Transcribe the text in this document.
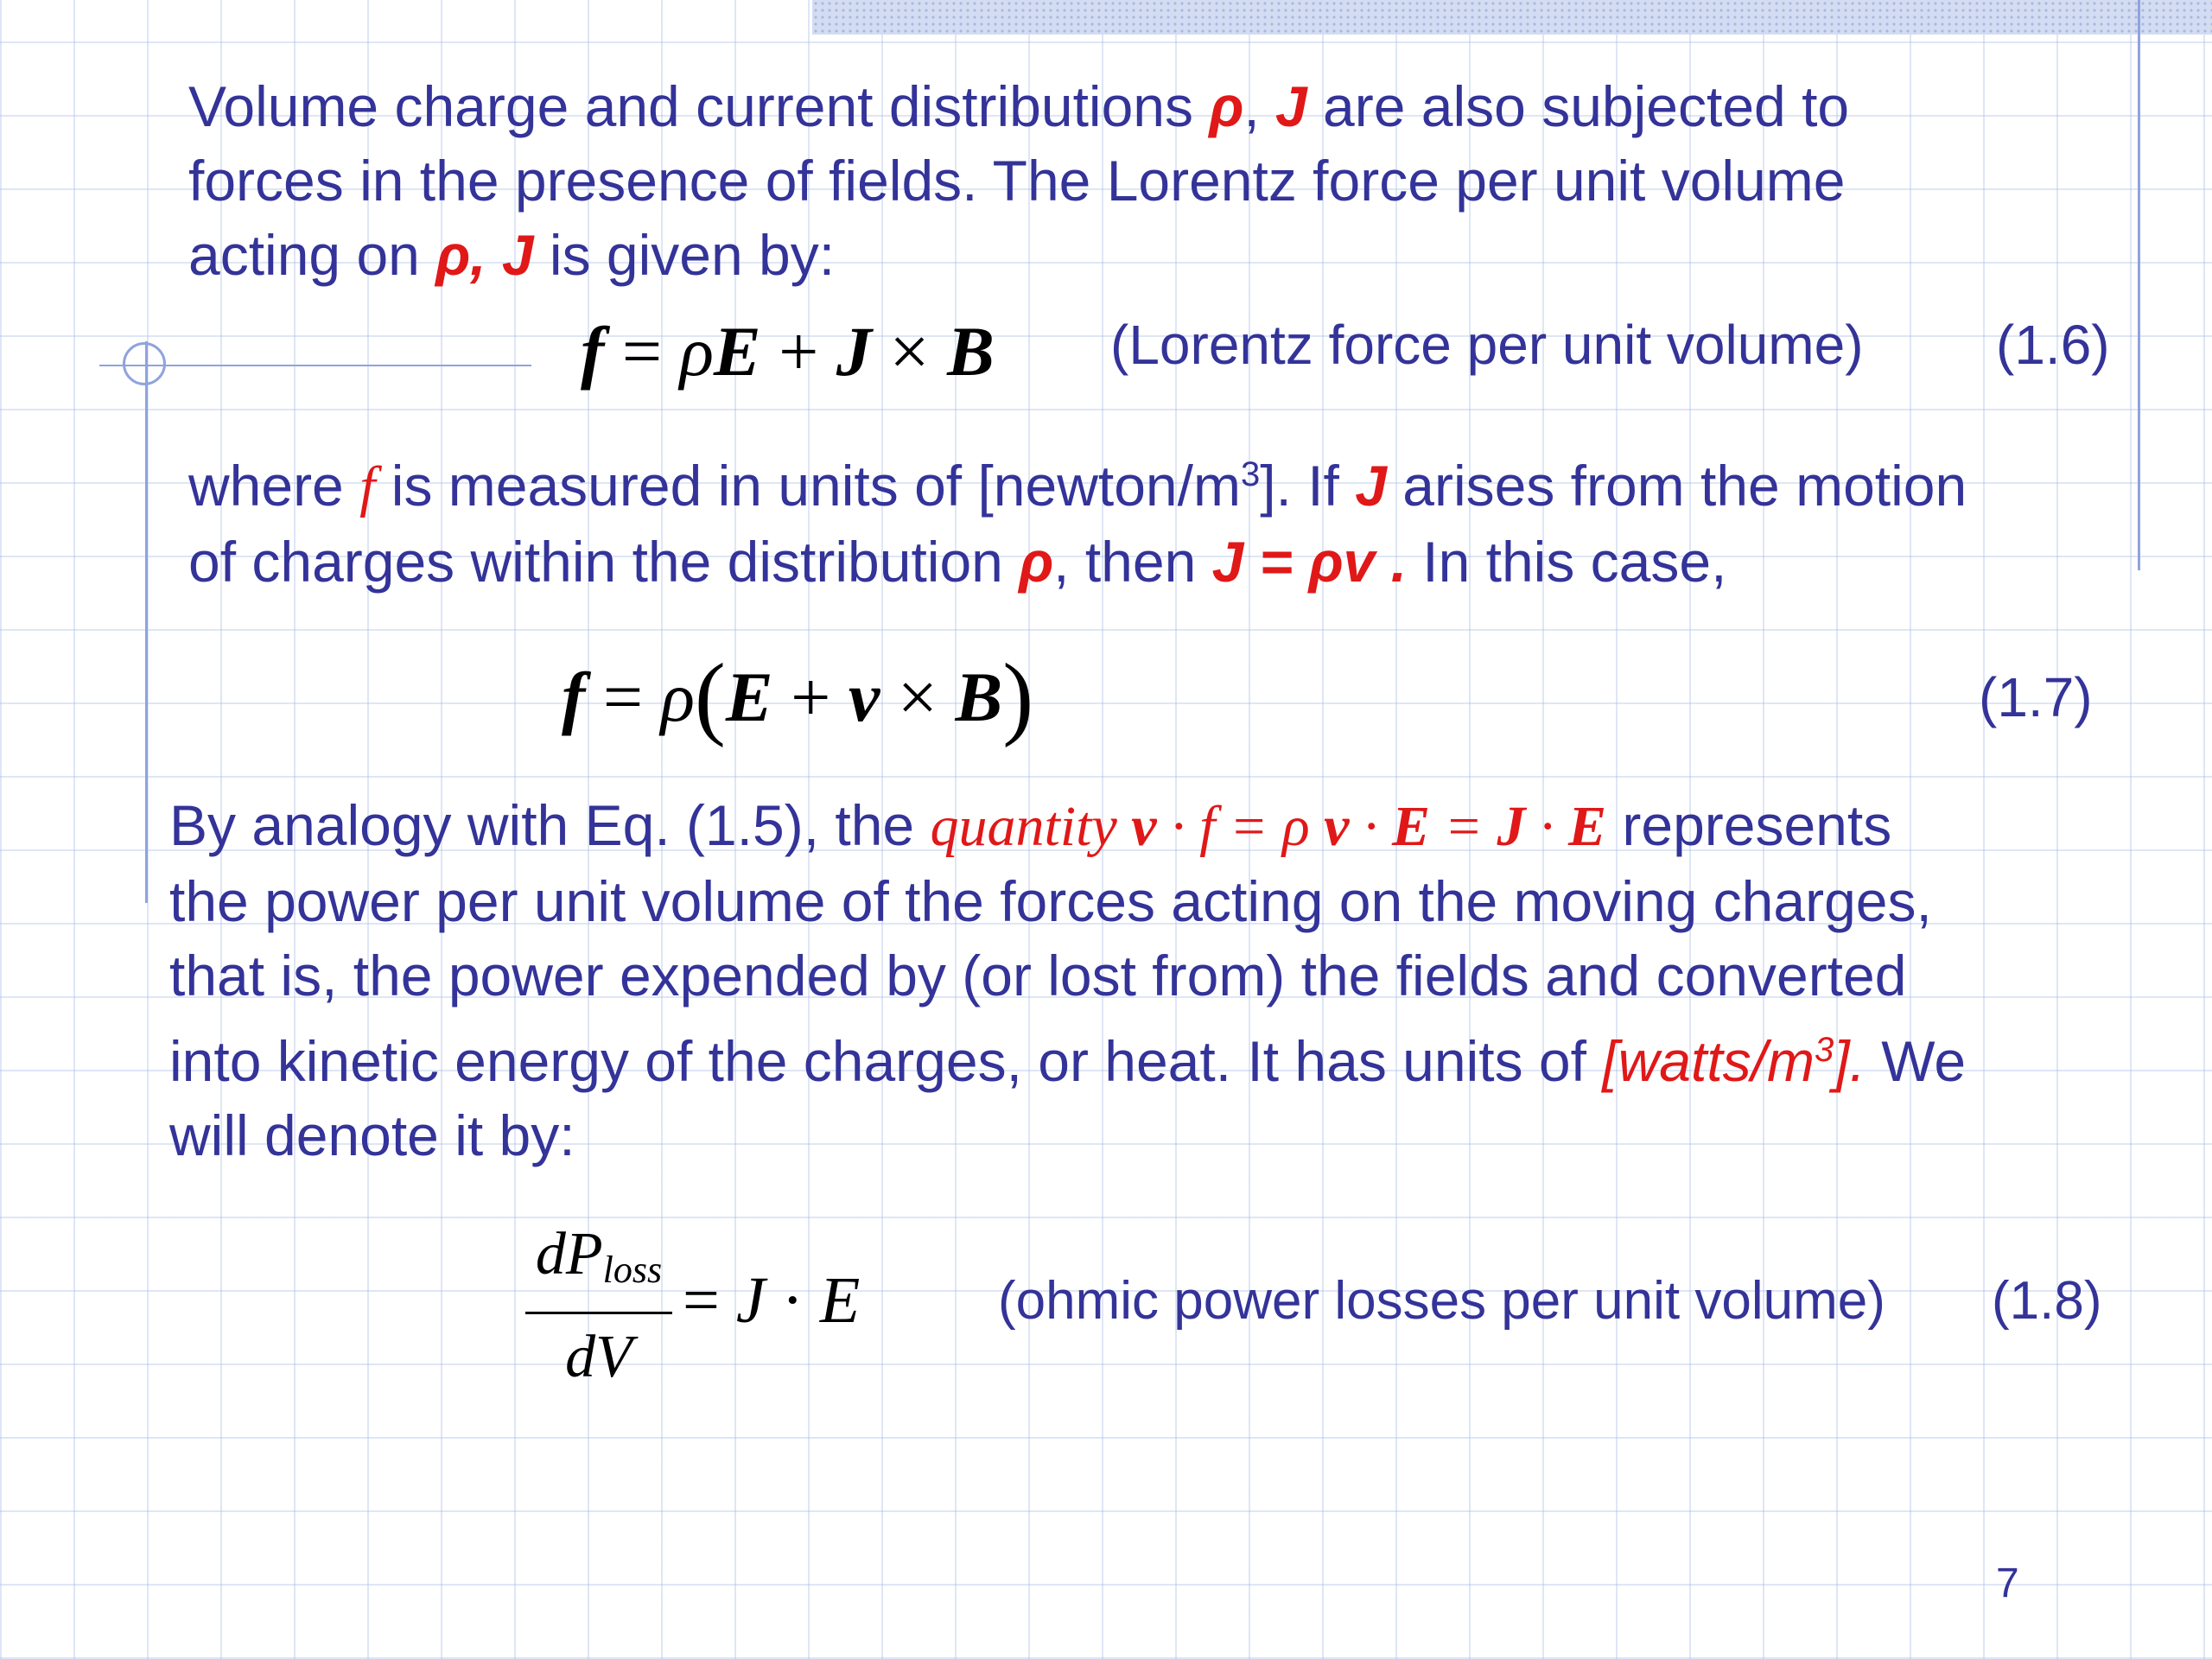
Volume charge and current distributions ρ, J are also subjected to
forces in the presence of fields. The Lorentz force per unit volume
acting on ρ, J is given by:

f = ρE + J × B (Lorentz force per unit volume) (1.6)

where f is measured in units of $[newton/m^3]$. If J arises from the motion
of charges within the distribution ρ, then J = ρv . In this case,

f = ρ(E + v × B)	(1.7)

By analogy with Eq. (1.5), the quantity v · f = ρ v · E = J · E represents
the power per unit volume of the forces acting on the moving charges,
that is, the power expended by (or lost from) the fields and converted
into kinetic energy of the charges, or heat. It has units of $[watts/m^3]$. We
will denote it by:

$dP_{loss}$
dV
= J · E	(ohmic power losses per unit volume) (1.8)
7
